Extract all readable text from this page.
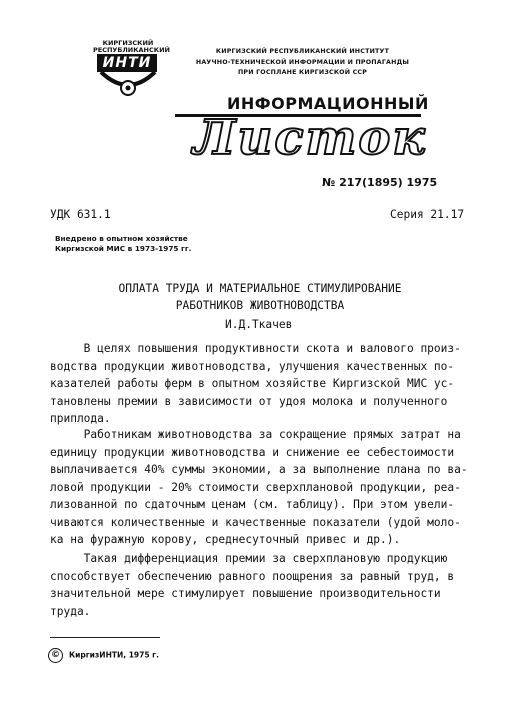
КИРГИЗСКИЙ РЕСПУБЛИКАНСКИЙ
ИНТИ
КИРГИЗСКИЙ РЕСПУБЛИКАНСКИЙ ИНСТИТУТ
НАУЧНО-ТЕХНИЧЕСКОЙ ИНФОРМАЦИИ И ПРОПАГАНДЫ
ПРИ ГОСПЛАНЕ КИРГИЗСКОЙ ССР
ИНФОРМАЦИОННЫЙ
Листок
№ 217(1895) 1975
УДК 631.1	Серия 21.17
Внедрено в опытном хозяйстве
Киргизской МИС в 1973-1975 гг.
ОПЛАТА ТРУДА И МАТЕРИАЛЬНОЕ СТИМУЛИРОВАНИЕ
РАБОТНИКОВ ЖИВОТНОВОДСТВА
И.Д.Ткачев
В целях повышения продуктивности скота и валового произ-
водства продукции животноводства, улучшения качественных по-
казателей работы ферм в опытном хозяйстве Киргизской МИС ус-
тановлены премии в зависимости от удоя молока и полученного
приплода.
Работникам животноводства за сокращение прямых затрат на
единицу продукции животноводства и снижение ее себестоимости
выплачивается 40% суммы экономии, а за выполнение плана по ва-
ловой продукции - 20% стоимости сверхплановой продукции, реа-
лизованной по сдаточным ценам (см. таблицу). При этом увели-
чиваются количественные и качественные показатели (удой моло-
ка на фуражную корову, среднесуточный привес и др.).
Такая дифференциация премии за сверхплановую продукцию
способствует обеспечению равного поощрения за равный труд, в
значительной мере стимулирует повышение производительности
труда.
© КиргизИНТИ, 1975 г.
